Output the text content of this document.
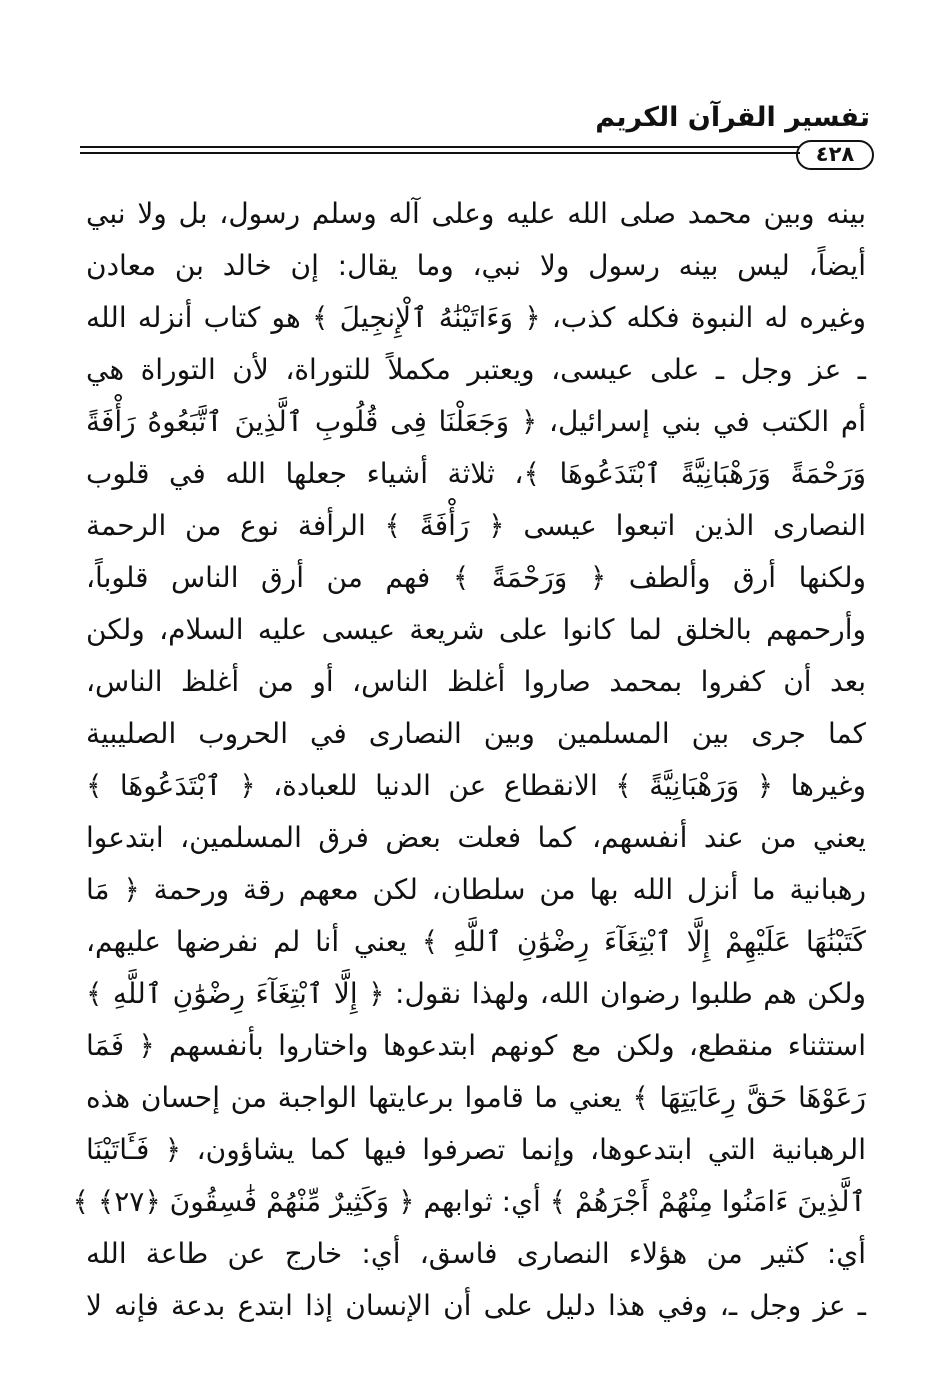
تفسير القرآن الكريم
٤٢٨
بينه وبين محمد صلى الله عليه وعلى آله وسلم رسول، بل ولا نبي
أيضاً، ليس بينه رسول ولا نبي، وما يقال: إن خالد بن معادن
وغيره له النبوة فكله كذب، ﴿ وَءَاتَيْنَٰهُ ٱلْإِنجِيلَ ﴾ هو كتاب أنزله الله
ـ عز وجل ـ على عيسى، ويعتبر مكملاً للتوراة، لأن التوراة هي
أم الكتب في بني إسرائيل، ﴿ وَجَعَلْنَا فِى قُلُوبِ ٱلَّذِينَ ٱتَّبَعُوهُ رَأْفَةً
وَرَحْمَةً وَرَهْبَانِيَّةً ٱبْتَدَعُوهَا ﴾، ثلاثة أشياء جعلها الله في قلوب
النصارى الذين اتبعوا عيسى ﴿ رَأْفَةً ﴾ الرأفة نوع من الرحمة
ولكنها أرق وألطف ﴿ وَرَحْمَةً ﴾ فهم من أرق الناس قلوباً،
وأرحمهم بالخلق لما كانوا على شريعة عيسى عليه السلام، ولكن
بعد أن كفروا بمحمد صاروا أغلظ الناس، أو من أغلظ الناس،
كما جرى بين المسلمين وبين النصارى في الحروب الصليبية
وغيرها ﴿ وَرَهْبَانِيَّةً ﴾ الانقطاع عن الدنيا للعبادة، ﴿ ٱبْتَدَعُوهَا ﴾
يعني من عند أنفسهم، كما فعلت بعض فرق المسلمين، ابتدعوا
رهبانية ما أنزل الله بها من سلطان، لكن معهم رقة ورحمة ﴿ مَا
كَتَبْنَٰهَا عَلَيْهِمْ إِلَّا ٱبْتِغَآءَ رِضْوَٰنِ ٱللَّهِ ﴾ يعني أنا لم نفرضها عليهم،
ولكن هم طلبوا رضوان الله، ولهذا نقول: ﴿ إِلَّا ٱبْتِغَآءَ رِضْوَٰنِ ٱللَّهِ ﴾
استثناء منقطع، ولكن مع كونهم ابتدعوها واختاروا بأنفسهم ﴿ فَمَا
رَعَوْهَا حَقَّ رِعَايَتِهَا ﴾ يعني ما قاموا برعايتها الواجبة من إحسان هذه
الرهبانية التي ابتدعوها، وإنما تصرفوا فيها كما يشاؤون، ﴿ فَـَٔاتَيْنَا
ٱلَّذِينَ ءَامَنُوا مِنْهُمْ أَجْرَهُمْ ﴾ أي: ثوابهم ﴿ وَكَثِيرٌ مِّنْهُمْ فَٰسِقُونَ ﴿٢٧﴾ ﴾
أي: كثير من هؤلاء النصارى فاسق، أي: خارج عن طاعة الله
ـ عز وجل ـ، وفي هذا دليل على أن الإنسان إذا ابتدع بدعة فإنه لا
